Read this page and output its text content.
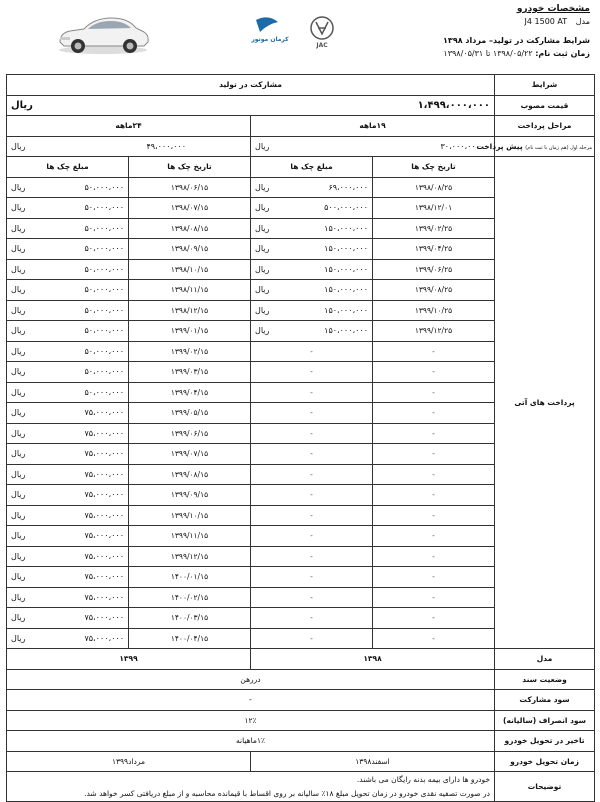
کرمان موتور
JAC
مشخصات خودرو
مدل J4 1500 AT
شرایط مشارکت در تولید– مرداد ۱۳۹۸
زمان ثبت نام: ۱۳۹۸/۰۵/۲۲ تا ۱۳۹۸/۰۵/۳۱
مشارکت در تولید				شرایط

ریال ۱،۴۹۹،۰۰۰،۰۰۰				قیمت مصوب
۲۴ماهه		۱۹ماهه		مراحل پرداخت

ریال ۴۹،۰۰۰،۰۰۰		ریال ۳۰،۰۰۰،۰۰۰		مرحله اول (هم زمان با ثبت نام) پیش پرداخت
مبلغ چک ها	تاریخ چک ها	مبلغ چک ها	تاریخ چک ها	پرداخت های آتی

ریال ۵۰،۰۰۰،۰۰۰	۱۳۹۸/۰۶/۱۵	ریال ۶۹،۰۰۰،۰۰۰	۱۳۹۸/۰۸/۲۵	

ریال ۵۰،۰۰۰،۰۰۰	۱۳۹۸/۰۷/۱۵	ریال ۵۰۰،۰۰۰،۰۰۰	۱۳۹۸/۱۲/۰۱	

ریال ۵۰،۰۰۰،۰۰۰	۱۳۹۸/۰۸/۱۵	ریال ۱۵۰،۰۰۰،۰۰۰	۱۳۹۹/۰۲/۲۵	

ریال ۵۰،۰۰۰،۰۰۰	۱۳۹۸/۰۹/۱۵	ریال ۱۵۰،۰۰۰،۰۰۰	۱۳۹۹/۰۴/۲۵	

ریال ۵۰،۰۰۰،۰۰۰	۱۳۹۸/۱۰/۱۵	ریال ۱۵۰،۰۰۰،۰۰۰	۱۳۹۹/۰۶/۲۵	

ریال ۵۰،۰۰۰،۰۰۰	۱۳۹۸/۱۱/۱۵	ریال ۱۵۰،۰۰۰،۰۰۰	۱۳۹۹/۰۸/۲۵	

ریال ۵۰،۰۰۰،۰۰۰	۱۳۹۸/۱۲/۱۵	ریال ۱۵۰،۰۰۰،۰۰۰	۱۳۹۹/۱۰/۲۵	

ریال ۵۰،۰۰۰،۰۰۰	۱۳۹۹/۰۱/۱۵	ریال ۱۵۰،۰۰۰،۰۰۰	۱۳۹۹/۱۲/۲۵	

ریال ۵۰،۰۰۰،۰۰۰	۱۳۹۹/۰۲/۱۵	-	-	

ریال ۵۰،۰۰۰،۰۰۰	۱۳۹۹/۰۳/۱۵	-	-	

ریال ۵۰،۰۰۰،۰۰۰	۱۳۹۹/۰۴/۱۵	-	-	

ریال ۷۵،۰۰۰،۰۰۰	۱۳۹۹/۰۵/۱۵	-	-	

ریال ۷۵،۰۰۰،۰۰۰	۱۳۹۹/۰۶/۱۵	-	-	

ریال ۷۵،۰۰۰،۰۰۰	۱۳۹۹/۰۷/۱۵	-	-	

ریال ۷۵،۰۰۰،۰۰۰	۱۳۹۹/۰۸/۱۵	-	-	

ریال ۷۵،۰۰۰،۰۰۰	۱۳۹۹/۰۹/۱۵	-	-	

ریال ۷۵،۰۰۰،۰۰۰	۱۳۹۹/۱۰/۱۵	-	-	

ریال ۷۵،۰۰۰،۰۰۰	۱۳۹۹/۱۱/۱۵	-	-	

ریال ۷۵،۰۰۰،۰۰۰	۱۳۹۹/۱۲/۱۵	-	-	

ریال ۷۵،۰۰۰،۰۰۰	۱۴۰۰/۰۱/۱۵	-	-	

ریال ۷۵،۰۰۰،۰۰۰	۱۴۰۰/۰۲/۱۵	-	-	

ریال ۷۵،۰۰۰،۰۰۰	۱۴۰۰/۰۳/۱۵	-	-	

ریال ۷۵،۰۰۰،۰۰۰	۱۴۰۰/۰۴/۱۵	-	-	
۱۳۹۹		۱۳۹۸		مدل
دررهن				وضعیت سند
-				سود مشارکت
۱۲٪				سود انصراف (سالیانه)
۱٪ماهیانه				تاخیر در تحویل خودرو
مرداد۱۳۹۹		اسفند۱۳۹۸		زمان تحویل خودرو

خودرو ها دارای بیمه بدنه رایگان می باشند.
در صورت تصفیه نقدی خودرو در زمان تحویل مبلغ ۱۸٪ سالیانه بر روی اقساط با قیمانده محاسبه و از مبلغ دریافتی کسر خواهد شد.				توضیحات
